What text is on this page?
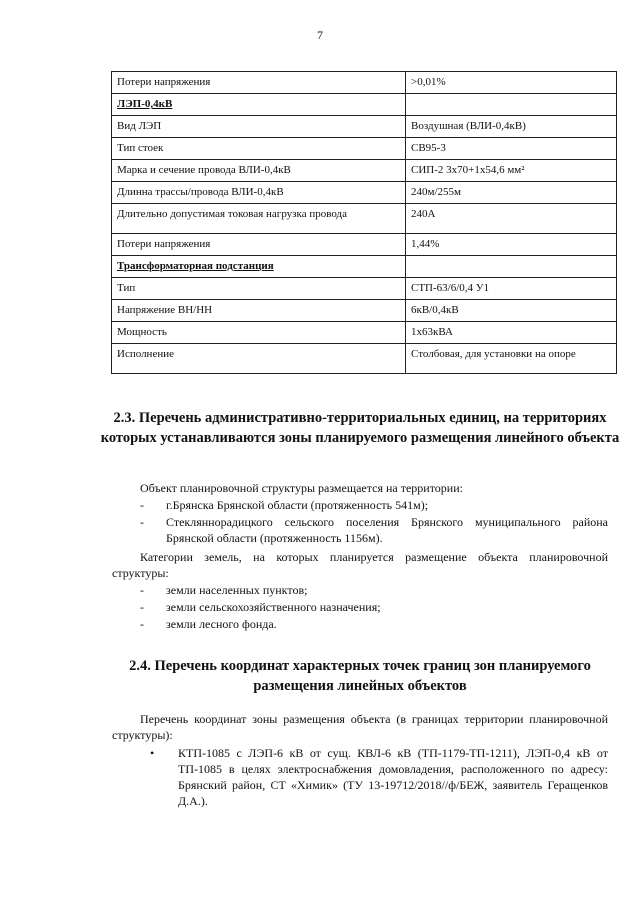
7
Потери напряжения	>0,01%
ЛЭП-0,4кВ	
Вид ЛЭП	Воздушная (ВЛИ-0,4кВ)
Тип стоек	СВ95-3
Марка и сечение провода ВЛИ-0,4кВ	СИП-2 3х70+1х54,6 мм²
Длинна трассы/провода ВЛИ-0,4кВ	240м/255м
Длительно допустимая токовая нагрузка провода	240А
Потери напряжения	1,44%
Трансформаторная подстанция	
Тип	СТП-63/6/0,4 У1
Напряжение ВН/НН	6кВ/0,4кВ
Мощность	1х63кВА
Исполнение	Столбовая, для установки на опоре
2.3. Перечень административно-территориальных единиц, на территориях которых устанавливаются зоны планируемого размещения линейного объекта
Объект планировочной структуры размещается на территории:
-	г.Брянска Брянской области (протяженность 541м);
-	Стекляннорадицкого сельского поселения Брянского муниципального района Брянской области (протяженность 1156м).
Категории земель, на которых планируется размещение объекта планировочной структуры:
-	земли населенных пунктов;
-	земли сельскохозяйственного назначения;
-	земли лесного фонда.
2.4. Перечень координат характерных точек границ зон планируемого размещения линейных объектов
Перечень координат зоны размещения объекта (в границах территории планировочной структуры):
•	КТП-1085 с ЛЭП-6 кВ от сущ. КВЛ-6 кВ (ТП-1179-ТП-1211), ЛЭП-0,4 кВ от ТП-1085 в целях электроснабжения домовладения, расположенного по адресу: Брянский район, СТ «Химик» (ТУ 13-19712/2018//ф/БЕЖ, заявитель Геращенков Д.А.).
